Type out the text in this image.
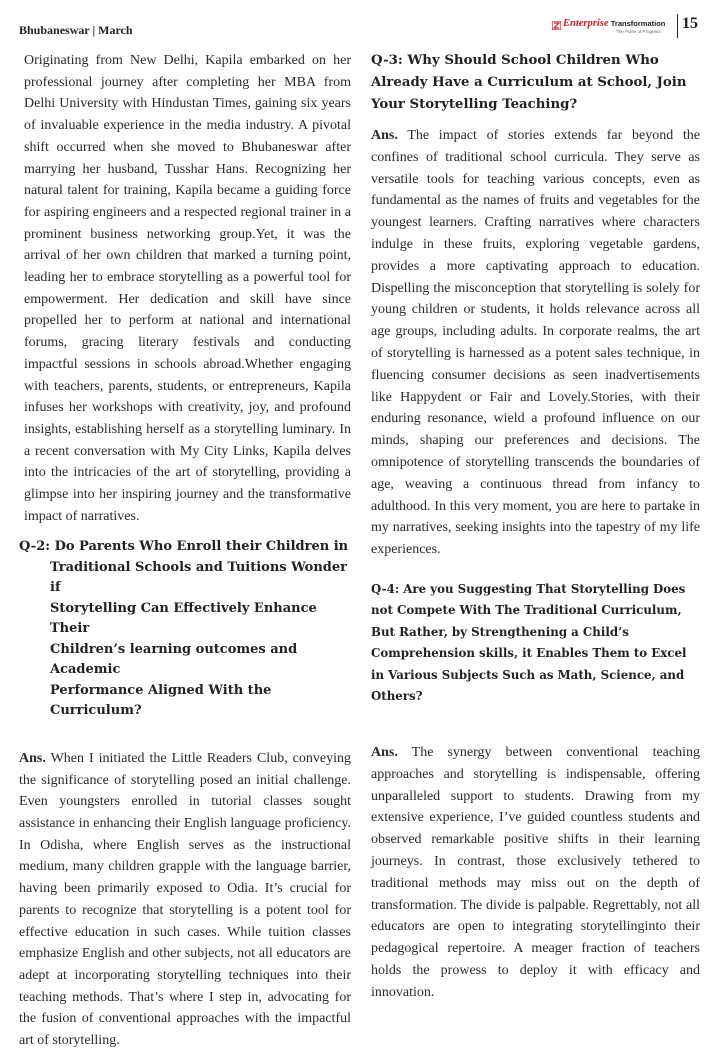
Bhubaneswar | March	Enterprise Transformation
The Pulse of Progress 15

Originating from New Delhi, Kapila embarked on her professional journey after completing her MBA from Delhi University with Hindustan Times, gaining six years of invaluable experience in the media industry. A pivotal shift occurred when she moved to Bhubaneswar after marrying her husband, Tusshar Hans. Recognizing her natural talent for training, Kapila became a guiding force for aspiring engineers and a respected regional trainer in a prominent business networking group.Yet, it was the arrival of her own children that marked a turning point, leading her to embrace storytelling as a powerful tool for empowerment. Her dedication and skill have since propelled her to perform at national and international forums, gracing literary festivals and conducting impactful sessions in schools abroad.Whether engaging with teachers, parents, students, or entrepreneurs, Kapila infuses her workshops with creativity, joy, and profound insights, establishing herself as a storytelling luminary. In a recent conversation with My City Links, Kapila delves into the intricacies of the art of storytelling, providing a glimpse into her inspiring journey and the transformative impact of narratives.

Q-2: Do Parents Who Enroll their Children in
Traditional Schools and Tuitions Wonder if
Storytelling Can Effectively Enhance Their
Children’s learning outcomes and Academic
Performance Aligned With the Curriculum?

Ans. When I initiated the Little Readers Club, conveying the significance of storytelling posed an initial challenge. Even youngsters enrolled in tutorial classes sought assistance in enhancing their English language proficiency. In Odisha, where English serves as the instructional medium, many children grapple with the language barrier, having been primarily exposed to Odia. It’s crucial for parents to recognize that storytelling is a potent tool for effective education in such cases. While tuition classes emphasize English and other subjects, not all educators are adept at incorporating storytelling techniques into their teaching methods. That’s where I step in, advocating for the fusion of conventional approaches with the impactful art of storytelling.

Q-3: Why Should School Children Who Already Have a Curriculum at School, Join Your Storytelling Teaching?

Ans. The impact of stories extends far beyond the confines of traditional school curricula. They serve as versatile tools for teaching various concepts, even as fundamental as the names of fruits and vegetables for the youngest learners. Crafting narratives where characters indulge in these fruits, exploring vegetable gardens, provides a more captivating approach to education. Dispelling the misconception that storytelling is solely for young children or students, it holds relevance across all age groups, including adults. In corporate realms, the art of storytelling is harnessed as a potent sales technique, in fluencing consumer decisions as seen inadvertisements like Happydent or Fair and Lovely.Stories, with their enduring resonance, wield a profound influence on our minds, shaping our preferences and decisions. The omnipotence of storytelling transcends the boundaries of age, weaving a continuous thread from infancy to adulthood. In this very moment, you are here to partake in my narratives, seeking insights into the tapestry of my life experiences.

Q-4: Are you Suggesting That Storytelling Does not Compete With The Traditional Curriculum, But Rather, by Strengthening a Child’s Comprehension skills, it Enables Them to Excel in Various Subjects Such as Math, Science, and Others?

Ans. The synergy between conventional teaching approaches and storytelling is indispensable, offering unparalleled support to students. Drawing from my extensive experience, I’ve guided countless students and observed remarkable positive shifts in their learning journeys. In contrast, those exclusively tethered to traditional methods may miss out on the depth of transformation. The divide is palpable. Regrettably, not all educators are open to integrating storytellinginto their pedagogical repertoire. A meager fraction of teachers holds the prowess to deploy it with efficacy and innovation.
